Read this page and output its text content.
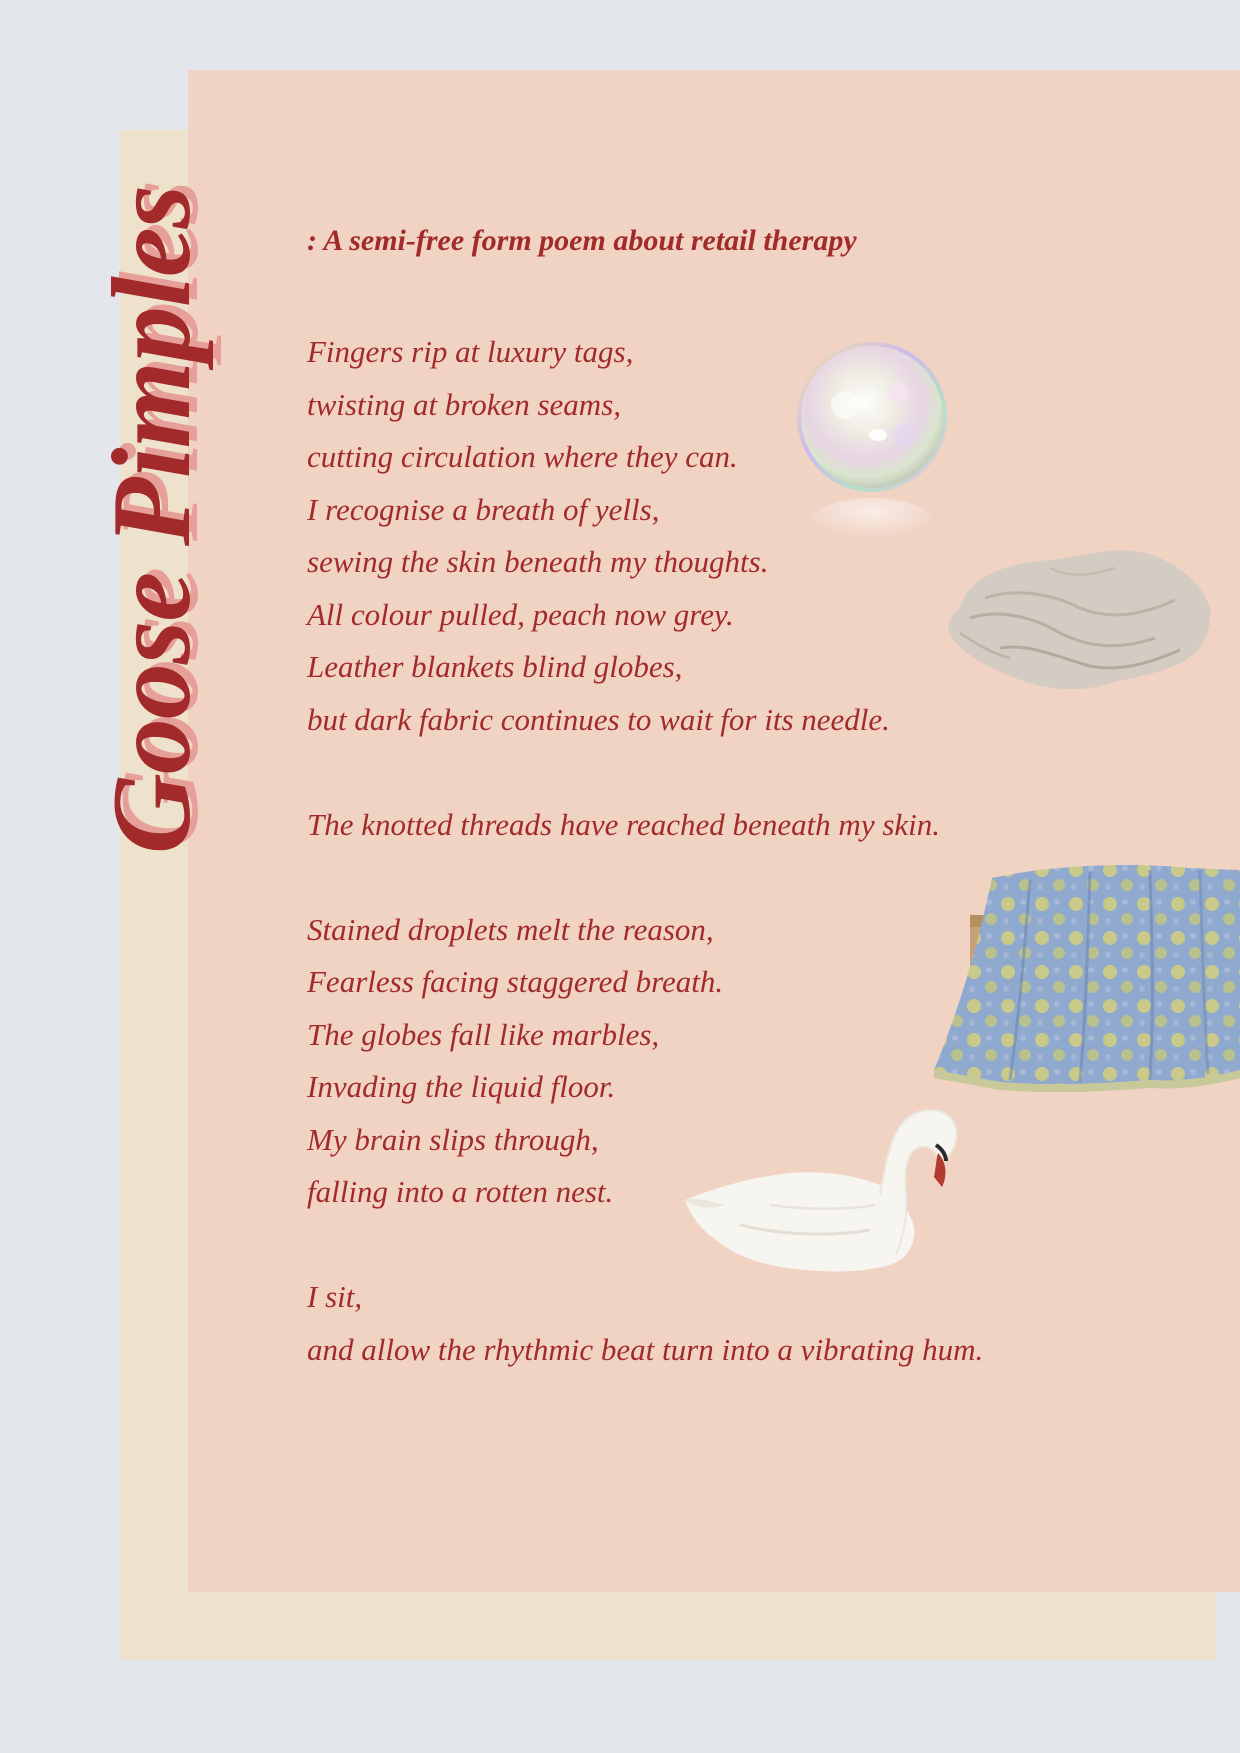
Goose Pimples	: A semi-free form poem about retail therapy
Fingers rip at luxury tags,
twisting at broken seams,
cutting circulation where they can.
I recognise a breath of yells,
sewing the skin beneath my thoughts.
All colour pulled, peach now grey.
Leather blankets blind globes,
but dark fabric continues to wait for its needle.
The knotted threads have reached beneath my skin.
Stained droplets melt the reason,
Fearless facing staggered breath.
The globes fall like marbles,
Invading the liquid floor.
My brain slips through,
falling into a rotten nest.
I sit,
and allow the rhythmic beat turn into a vibrating hum.
